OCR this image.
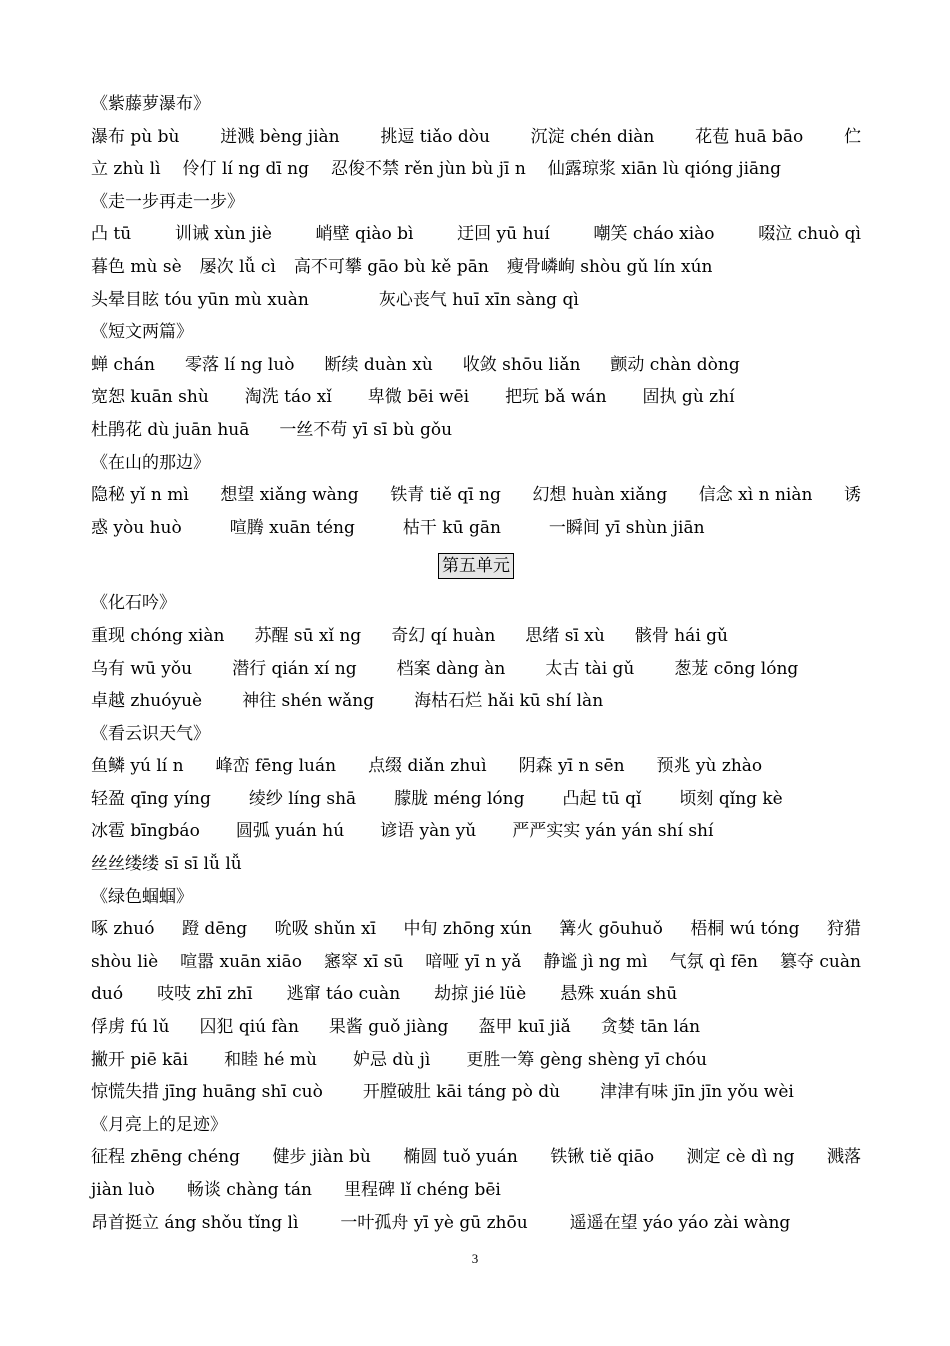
《紫藤萝瀑布》
瀑布 pù bù 迸溅 bèng jiàn 挑逗 tiǎo dòu 沉淀 chén diàn 花苞 huā bāo 伫
立 zhù lì 伶仃 lí ng dī ng 忍俊不禁 rěn jùn bù jī n 仙露琼浆 xiān lù qióng jiāng
《走一步再走一步》
凸 tū	训诫 xùn jiè	峭壁 qiào bì	迂回 yū huí	嘲笑 cháo xiào	啜泣 chuò qì
暮色 mù sè 屡次 lǚ cì 高不可攀 gāo bù kě pān 瘦骨嶙峋 shòu gǔ lín xún
头晕目眩 tóu yūn mù xuàn	灰心丧气 huī xīn sàng qì
《短文两篇》
蝉 chán 零落 lí ng luò 断续 duàn xù 收敛 shōu liǎn 颤动 chàn dòng
宽恕 kuān shù 淘洗 táo xǐ 卑微 bēi wēi 把玩 bǎ wán 固执 gù zhí
杜鹃花 dù juān huā 一丝不苟 yī sī bù gǒu
《在山的那边》
隐秘 yǐ n mì 想望 xiǎng wàng 铁青 tiě qī ng 幻想 huàn xiǎng 信念 xì n niàn 诱
惑 yòu huò	喧腾 xuān téng	枯干 kū gān	一瞬间 yī shùn jiān
第五单元
《化石吟》
重现 chóng xiàn 苏醒 sū xǐ ng 奇幻 qí huàn 思绪 sī xù 骸骨 hái gǔ
乌有 wū yǒu 潜行 qián xí ng 档案 dàng àn 太古 tài gǔ 葱茏 cōng lóng
卓越 zhuóyuè 神往 shén wǎng 海枯石烂 hǎi kū shí làn
《看云识天气》
鱼鳞 yú lí n 峰峦 fēng luán 点缀 diǎn zhuì 阴森 yī n sēn 预兆 yù zhào
轻盈 qīng yíng 绫纱 líng shā 朦胧 méng lóng 凸起 tū qǐ 顷刻 qǐng kè
冰雹 bīngbáo 圆弧 yuán hú 谚语 yàn yǔ 严严实实 yán yán shí shí
丝丝缕缕 sī sī lǚ lǚ
《绿色蝈蝈》
啄 zhuó 蹬 dēng 吮吸 shǔn xī 中旬 zhōng xún 篝火 gōuhuǒ 梧桐 wú tóng 狩猎
shòu liè 喧嚣 xuān xiāo 窸窣 xī sū 喑哑 yī n yǎ 静谧 jì ng mì 气氛 qì fēn 篡夺 cuàn
duó 吱吱 zhī zhī 逃窜 táo cuàn 劫掠 jié lüè 悬殊 xuán shū
俘虏 fú lǔ 囚犯 qiú fàn 果酱 guǒ jiàng 盔甲 kuī jiǎ 贪婪 tān lán
撇开 piē kāi 和睦 hé mù 妒忌 dù jì 更胜一筹 gèng shèng yī chóu
惊慌失措 jīng huāng shī cuò 开膛破肚 kāi táng pò dù 津津有味 jīn jīn yǒu wèi
《月亮上的足迹》
征程 zhēng chéng 健步 jiàn bù 椭圆 tuǒ yuán 铁锹 tiě qiāo 测定 cè dì ng 溅落
jiàn luò 畅谈 chàng tán 里程碑 lǐ chéng bēi
昂首挺立 áng shǒu tǐng lì 一叶孤舟 yī yè gū zhōu 遥遥在望 yáo yáo zài wàng
3
